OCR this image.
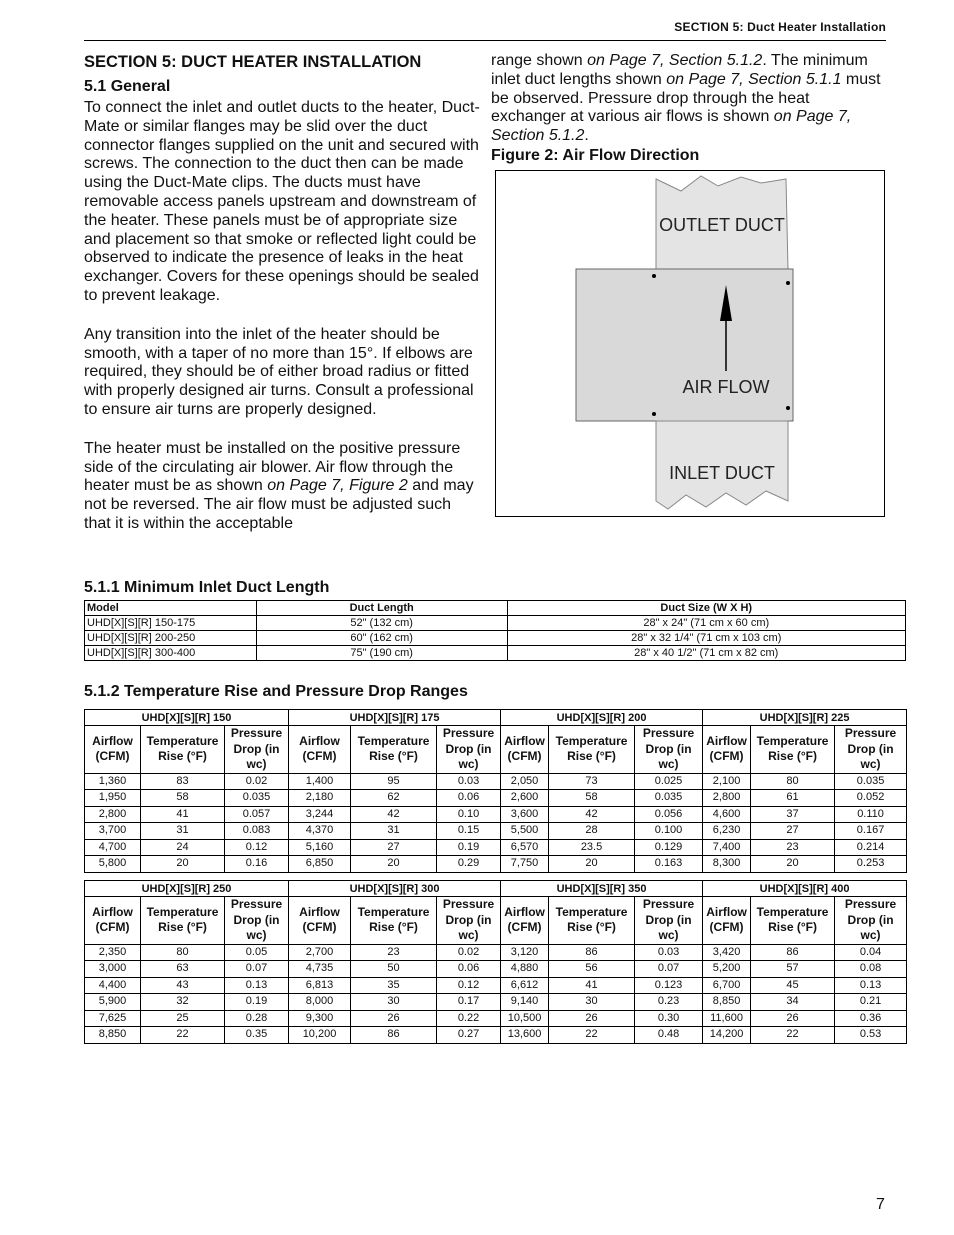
SECTION 5: Duct Heater Installation
SECTION 5: DUCT HEATER INSTALLATION
5.1 General

To connect the inlet and outlet ducts to the heater, Duct-Mate or similar flanges may be slid over the duct connector flanges supplied on the unit and secured with screws. The connection to the duct then can be made using the Duct-Mate clips. The ducts must have removable access panels upstream and downstream of the heater. These panels must be of appropriate size and placement so that smoke or reflected light could be observed to indicate the presence of leaks in the heat exchanger. Covers for these openings should be sealed to prevent leakage.

Any transition into the inlet of the heater should be smooth, with a taper of no more than 15°. If elbows are required, they should be of either broad radius or fitted with properly designed air turns. Consult a professional to ensure air turns are properly designed.

The heater must be installed on the positive pressure side of the circulating air blower. Air flow through the heater must be as shown on Page 7, Figure 2 and may not be reversed. The air flow must be adjusted such that it is within the acceptable

range shown on Page 7, Section 5.1.2. The minimum inlet duct lengths shown on Page 7, Section 5.1.1 must be observed. Pressure drop through the heat exchanger at various air flows is shown on Page 7, Section 5.1.2.

Figure 2: Air Flow Direction
OUTLET DUCT
AIR FLOW
INLET DUCT
5.1.1 Minimum Inlet Duct Length
Model	Duct Length	Duct Size (W X H)
UHD[X][S][R] 150-175	52" (132 cm)	28" x 24" (71 cm x 60 cm)
UHD[X][S][R] 200-250	60" (162 cm)	28" x 32 1/4" (71 cm x 103 cm)
UHD[X][S][R] 300-400	75" (190 cm)	28" x 40 1/2" (71 cm x 82 cm)
5.1.2 Temperature Rise and Pressure Drop Ranges
UHD[X][S][R] 150			UHD[X][S][R] 175			UHD[X][S][R] 200			UHD[X][S][R] 225		
Airflow (CFM)	Temperature Rise (°F)	Pressure Drop (in wc)	Airflow (CFM)	Temperature Rise (°F)	Pressure Drop (in wc)	Airflow (CFM)	Temperature Rise (°F)	Pressure Drop (in wc)	Airflow (CFM)	Temperature Rise (°F)	Pressure Drop (in wc)
1,360	83	0.02	1,400	95	0.03	2,050	73	0.025	2,100	80	0.035
1,950	58	0.035	2,180	62	0.06	2,600	58	0.035	2,800	61	0.052
2,800	41	0.057	3,244	42	0.10	3,600	42	0.056	4,600	37	0.110
3,700	31	0.083	4,370	31	0.15	5,500	28	0.100	6,230	27	0.167
4,700	24	0.12	5,160	27	0.19	6,570	23.5	0.129	7,400	23	0.214
5,800	20	0.16	6,850	20	0.29	7,750	20	0.163	8,300	20	0.253
UHD[X][S][R] 250			UHD[X][S][R] 300			UHD[X][S][R] 350			UHD[X][S][R] 400		
Airflow (CFM)	Temperature Rise (°F)	Pressure Drop (in wc)	Airflow (CFM)	Temperature Rise (°F)	Pressure Drop (in wc)	Airflow (CFM)	Temperature Rise (°F)	Pressure Drop (in wc)	Airflow (CFM)	Temperature Rise (°F)	Pressure Drop (in wc)
2,350	80	0.05	2,700	23	0.02	3,120	86	0.03	3,420	86	0.04
3,000	63	0.07	4,735	50	0.06	4,880	56	0.07	5,200	57	0.08
4,400	43	0.13	6,813	35	0.12	6,612	41	0.123	6,700	45	0.13
5,900	32	0.19	8,000	30	0.17	9,140	30	0.23	8,850	34	0.21
7,625	25	0.28	9,300	26	0.22	10,500	26	0.30	11,600	26	0.36
8,850	22	0.35	10,200	86	0.27	13,600	22	0.48	14,200	22	0.53
7
